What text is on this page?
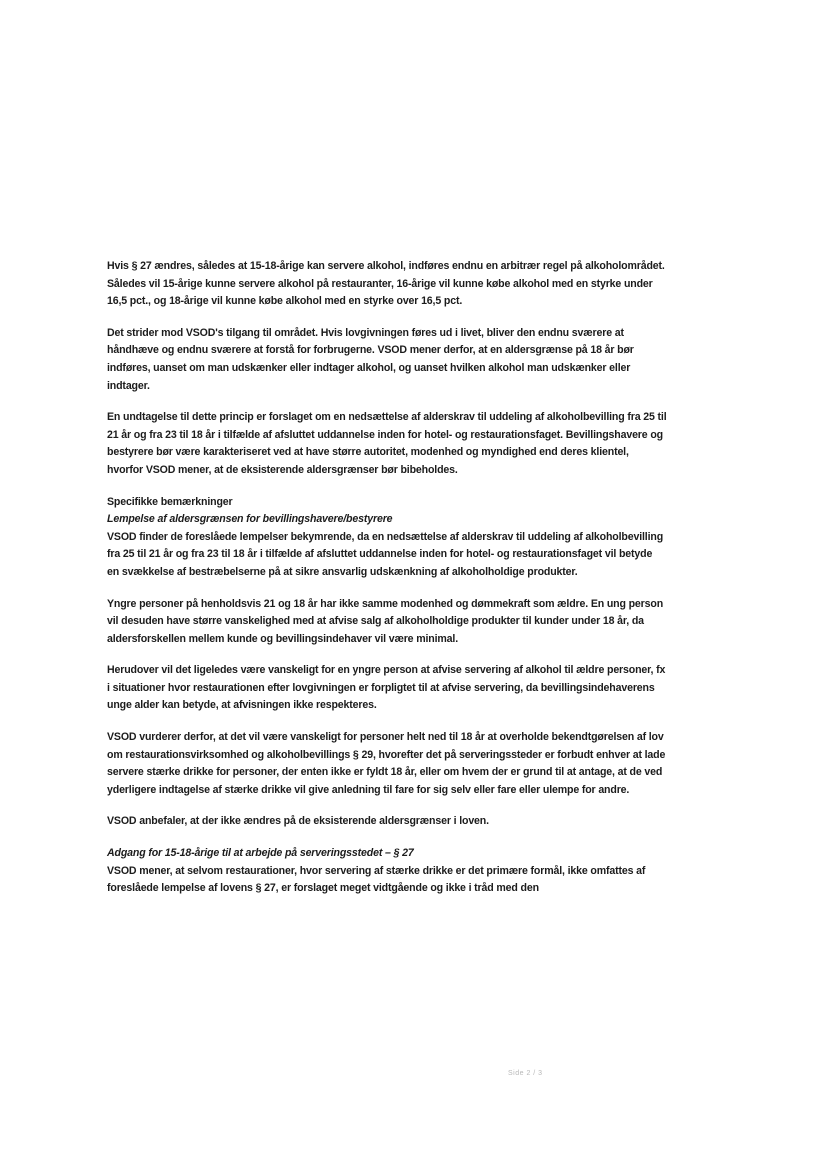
Hvis § 27 ændres, således at 15-18-årige kan servere alkohol, indføres endnu en arbitrær regel på alkoholområdet. Således vil 15-årige kunne servere alkohol på restauranter, 16-årige vil kunne købe alkohol med en styrke under 16,5 pct., og 18-årige vil kunne købe alkohol med en styrke over 16,5 pct.

Det strider mod VSOD's tilgang til området. Hvis lovgivningen føres ud i livet, bliver den endnu sværere at håndhæve og endnu sværere at forstå for forbrugerne. VSOD mener derfor, at en aldersgrænse på 18 år bør indføres, uanset om man udskænker eller indtager alkohol, og uanset hvilken alkohol man udskænker eller indtager.

En undtagelse til dette princip er forslaget om en nedsættelse af alderskrav til uddeling af alkoholbevilling fra 25 til 21 år og fra 23 til 18 år i tilfælde af afsluttet uddannelse inden for hotel- og restaurationsfaget. Bevillingshavere og bestyrere bør være karakteriseret ved at have større autoritet, modenhed og myndighed end deres klientel, hvorfor VSOD mener, at de eksisterende aldersgrænser bør bibeholdes.

Specifikke bemærkninger

Lempelse af aldersgrænsen for bevillingshavere/bestyrere

VSOD finder de foreslåede lempelser bekymrende, da en nedsættelse af alderskrav til uddeling af alkoholbevilling fra 25 til 21 år og fra 23 til 18 år i tilfælde af afsluttet uddannelse inden for hotel- og restaurationsfaget vil betyde en svækkelse af bestræbelserne på at sikre ansvarlig udskænkning af alkoholholdige produkter.

Yngre personer på henholdsvis 21 og 18 år har ikke samme modenhed og dømmekraft som ældre. En ung person vil desuden have større vanskelighed med at afvise salg af alkoholholdige produkter til kunder under 18 år, da aldersforskellen mellem kunde og bevillingsindehaver vil være minimal.

Herudover vil det ligeledes være vanskeligt for en yngre person at afvise servering af alkohol til ældre personer, fx i situationer hvor restaurationen efter lovgivningen er forpligtet til at afvise servering, da bevillingsindehaverens unge alder kan betyde, at afvisningen ikke respekteres.

VSOD vurderer derfor, at det vil være vanskeligt for personer helt ned til 18 år at overholde bekendtgørelsen af lov om restaurationsvirksomhed og alkoholbevillings § 29, hvorefter det på serveringssteder er forbudt enhver at lade servere stærke drikke for personer, der enten ikke er fyldt 18 år, eller om hvem der er grund til at antage, at de ved yderligere indtagelse af stærke drikke vil give anledning til fare for sig selv eller fare eller ulempe for andre.

VSOD anbefaler, at der ikke ændres på de eksisterende aldersgrænser i loven.

Adgang for 15-18-årige til at arbejde på serveringsstedet – § 27

VSOD mener, at selvom restaurationer, hvor servering af stærke drikke er det primære formål, ikke omfattes af foreslåede lempelse af lovens § 27, er forslaget meget vidtgående og ikke i tråd med den

Side 2 / 3
